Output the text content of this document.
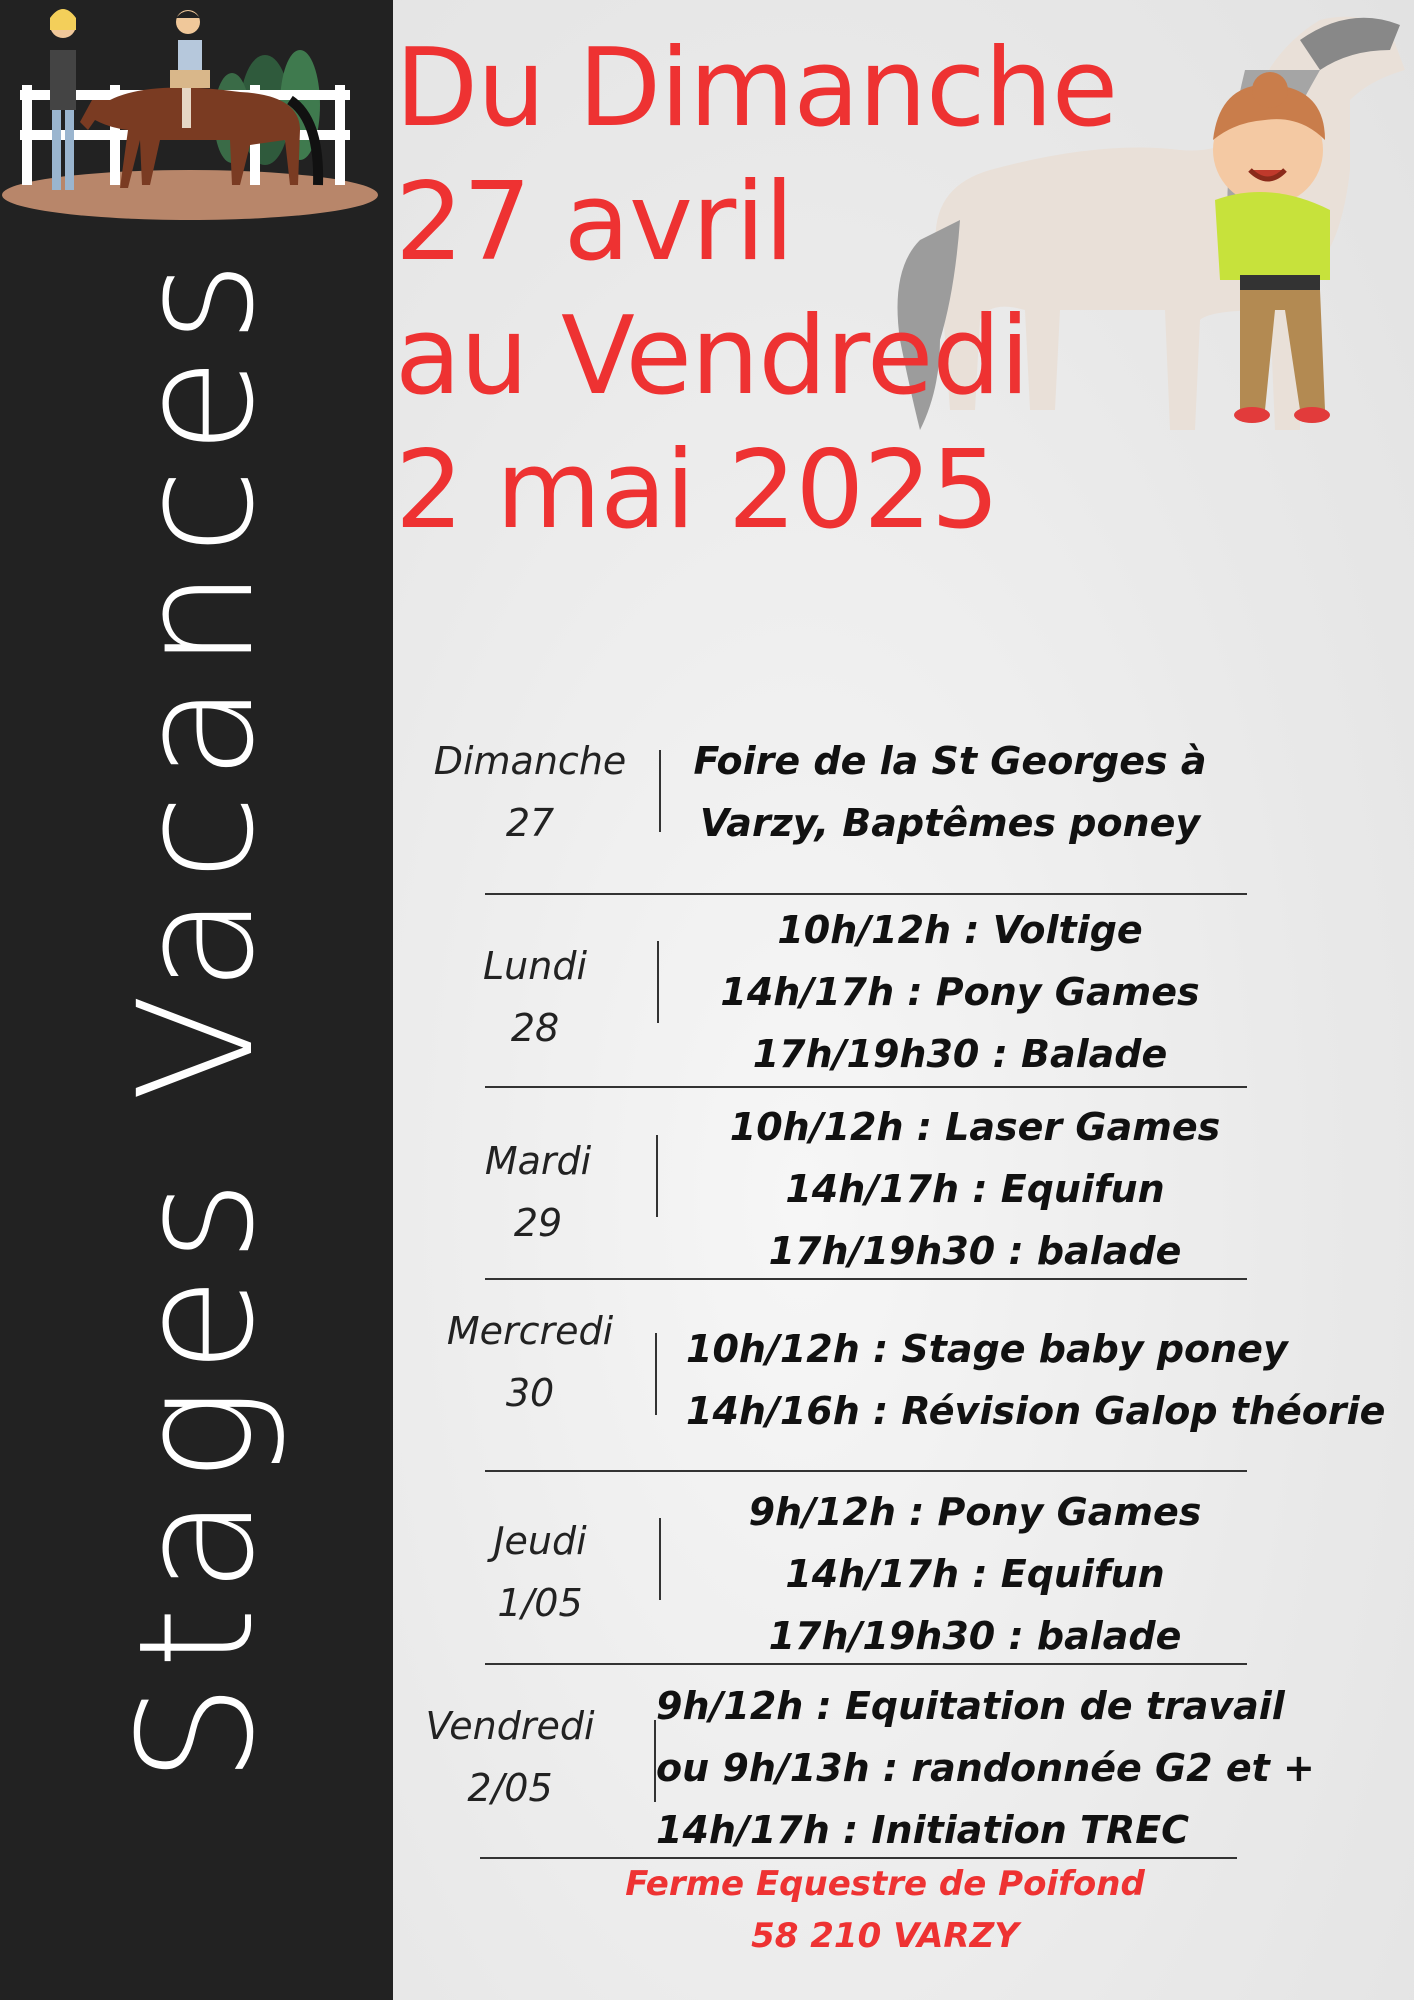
Stages Vacances
Du Dimanche
27 avril
au Vendredi
2 mai 2025
Dimanche
27
Foire de la St Georges à
Varzy, Baptêmes poney
Lundi
28
10h/12h : Voltige
14h/17h : Pony Games
17h/19h30 : Balade
Mardi
29
10h/12h : Laser Games
14h/17h : Equifun
17h/19h30 : balade
Mercredi
30
10h/12h : Stage baby poney
14h/16h : Révision Galop théorie
Jeudi
1/05
9h/12h : Pony Games
14h/17h : Equifun
17h/19h30 : balade
Vendredi
2/05
9h/12h : Equitation de travail
ou 9h/13h : randonnée G2 et +
14h/17h : Initiation TREC
Ferme Equestre de Poifond
58 210 VARZY
